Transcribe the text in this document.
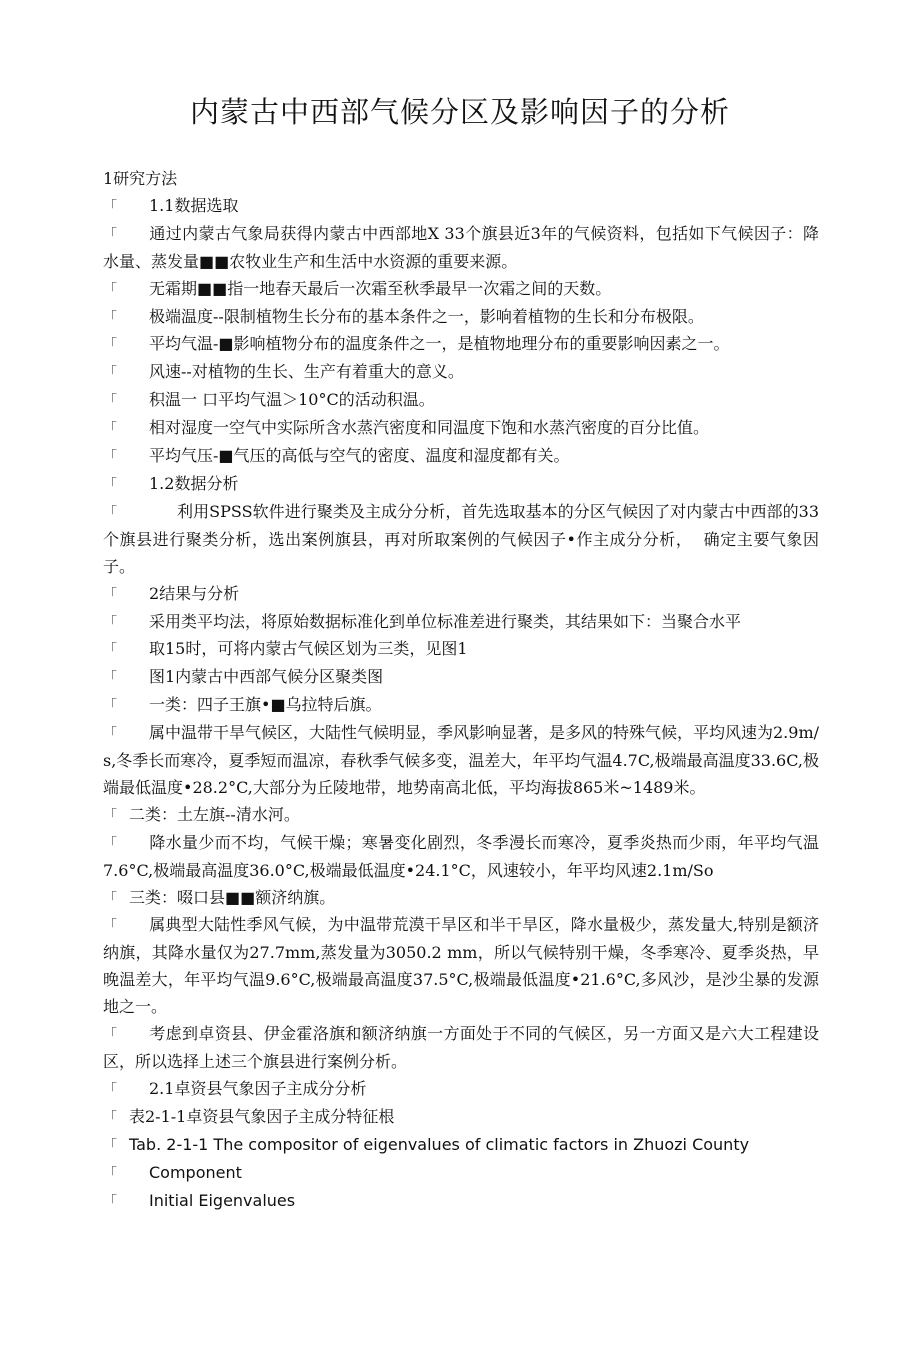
内蒙古中西部气候分区及影响因子的分析

1研究方法

「 1.1数据选取

「 通过内蒙古气象局获得内蒙古中西部地X 33个旗县近3年的气候资料，包括如下气候因子：降水量、蒸发量■■农牧业生产和生活中水资源的重要来源。

「 无霜期■■指一地春天最后一次霜至秋季最早一次霜之间的天数。

「 极端温度--限制植物生长分布的基本条件之一，影响着植物的生长和分布极限。

「 平均气温-■影响植物分布的温度条件之一，是植物地理分布的重要影响因素之一。

「 风速--对植物的生长、生产有着重大的意义。

「 积温一 口平均气温＞10°C的活动积温。

「 相对湿度一空气中实际所含水蒸汽密度和同温度下饱和水蒸汽密度的百分比值。

「 平均气压-■气压的高低与空气的密度、温度和湿度都有关。

「 1.2数据分析

「	利用SPSS软件进行聚类及主成分分析，首先选取基本的分区气候因了对内蒙古中西部的33个旗县进行聚类分析，选出案例旗县，再对所取案例的气候因子•作主成分分析，  确定主要气象因子。

「 2结果与分析

「 采用类平均法，将原始数据标准化到单位标准差进行聚类，其结果如下：当聚合水平

「 取15时，可将内蒙古气候区划为三类，见图1

「 图1内蒙古中西部气候分区聚类图

「 一类：四子王旗•■乌拉特后旗。

「 属中温带干旱气候区，大陆性气候明显，季风影响显著，是多风的特殊气候，平均风速为2.9m/s,冬季长而寒冷，夏季短而温凉，春秋季气候多变，温差大，年平均气温4.7C,极端最高温度33.6C,极端最低温度•28.2°C,大部分为丘陵地带，地势南高北低，平均海拔865米~1489米。

「 二类：土左旗--清水河。

「 降水量少而不均，气候干燥；寒暑变化剧烈，冬季漫长而寒冷，夏季炎热而少雨，年平均气温7.6°C,极端最高温度36.0°C,极端最低温度•24.1°C，风速较小，年平均风速2.1m/So

「 三类：啜口县■■额济纳旗。

「 属典型大陆性季风气候，为中温带荒漠干旱区和半干旱区，降水量极少，蒸发量大,特别是额济纳旗，其降水量仅为27.7mm,蒸发量为3050.2 mm，所以气候特别干燥，冬季寒冷、夏季炎热，早晚温差大，年平均气温9.6°C,极端最高温度37.5°C,极端最低温度•21.6°C,多风沙，是沙尘暴的发源地之一。

「 考虑到卓资县、伊金霍洛旗和额济纳旗一方面处于不同的气候区，另一方面又是六大工程建设区，所以选择上述三个旗县进行案例分析。

「 2.1卓资县气象因子主成分分析

「 表2-1-1卓资县气象因子主成分特征根

「 Tab. 2-1-1 The compositor of eigenvalues of climatic factors in Zhuozi County

「 Component

「 Initial Eigenvalues
